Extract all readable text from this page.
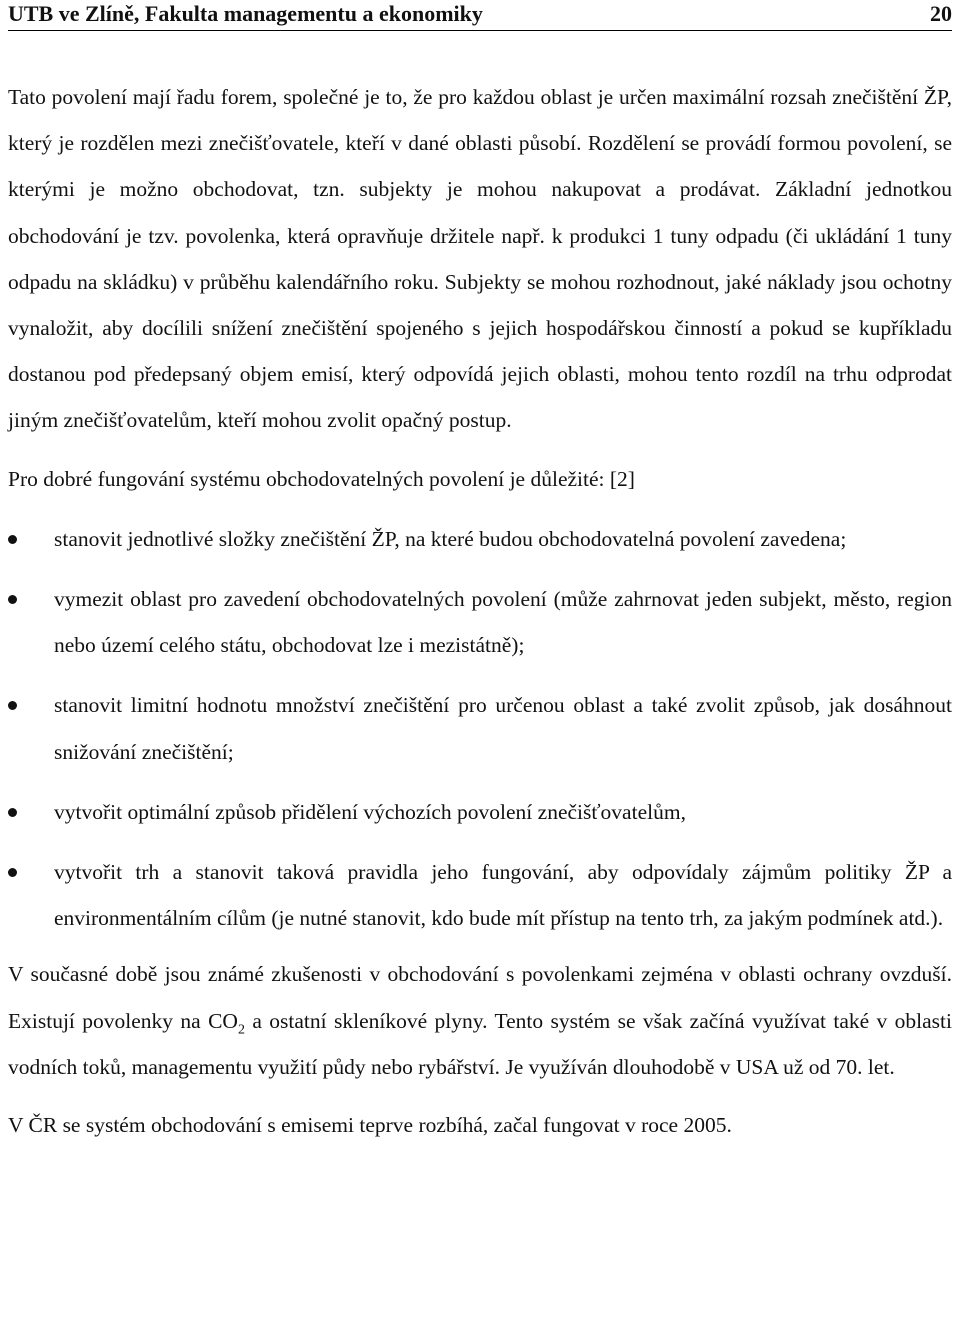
UTB ve Zlíně, Fakulta managementu a ekonomiky	20

Tato povolení mají řadu forem, společné je to, že pro každou oblast je určen maximální rozsah znečištění ŽP, který je rozdělen mezi znečišťovatele, kteří v dané oblasti působí. Rozdělení se provádí formou povolení, se kterými je možno obchodovat, tzn. subjekty je mohou nakupovat a prodávat. Základní jednotkou obchodování je tzv. povolenka, která opravňuje držitele např. k produkci 1 tuny odpadu (či ukládání 1 tuny odpadu na skládku) v průběhu kalendářního roku. Subjekty se mohou rozhodnout, jaké náklady jsou ochotny vynaložit, aby docílili snížení znečištění spojeného s jejich hospodářskou činností a pokud se kupříkladu dostanou pod předepsaný objem emisí, který odpovídá jejich oblasti, mohou tento rozdíl na trhu odprodat jiným znečišťovatelům, kteří mohou zvolit opačný postup.

Pro dobré fungování systému obchodovatelných povolení je důležité: [2]

stanovit jednotlivé složky znečištění ŽP, na které budou obchodovatelná povolení zavedena;
vymezit oblast pro zavedení obchodovatelných povolení (může zahrnovat jeden subjekt, město, region nebo území celého státu, obchodovat lze i mezistátně);
stanovit limitní hodnotu množství znečištění pro určenou oblast a také zvolit způsob, jak dosáhnout snižování znečištění;
vytvořit optimální způsob přidělení výchozích povolení znečišťovatelům,
vytvořit trh a stanovit taková pravidla jeho fungování, aby odpovídaly zájmům politiky ŽP a environmentálním cílům (je nutné stanovit, kdo bude mít přístup na tento trh, za jakým podmínek atd.).

V současné době jsou známé zkušenosti v obchodování s povolenkami zejména v oblasti ochrany ovzduší. Existují povolenky na $CO_2$ a ostatní skleníkové plyny. Tento systém se však začíná využívat také v oblasti vodních toků, managementu využití půdy nebo rybářství. Je využíván dlouhodobě v USA už od 70. let.

V ČR se systém obchodování s emisemi teprve rozbíhá, začal fungovat v roce 2005.
